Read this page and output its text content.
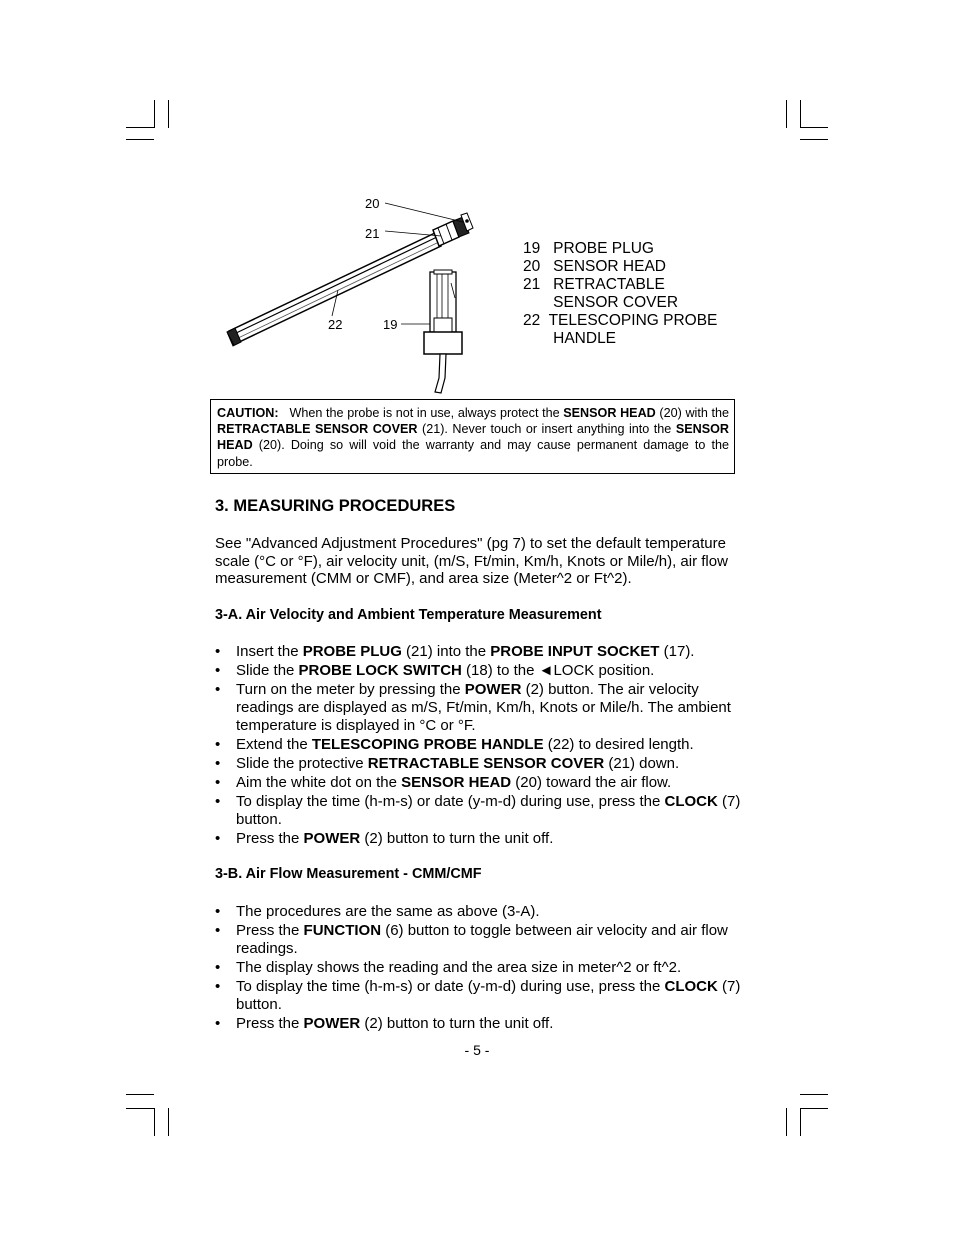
20
21
22	19
19   PROBE PLUG
20   SENSOR HEAD
21   RETRACTABLE
SENSOR COVER
22  TELESCOPING PROBE
HANDLE
CAUTION: When the probe is not in use, always protect the SENSOR HEAD (20) with the RETRACTABLE SENSOR COVER (21). Never touch or insert anything into the SENSOR HEAD (20). Doing so will void the warranty and may cause permanent damage to the probe.
3. MEASURING PROCEDURES
See "Advanced Adjustment Procedures" (pg 7) to set the default temperature scale (°C or °F), air velocity unit, (m/S, Ft/min, Km/h, Knots or Mile/h), air flow measurement (CMM or CMF), and area size (Meter^2 or Ft^2).
3-A. Air Velocity and Ambient Temperature Measurement
• Insert the PROBE PLUG (21) into the PROBE INPUT SOCKET (17).
• Slide the PROBE LOCK SWITCH (18) to the ◄LOCK position.
• Turn on the meter by pressing the POWER (2) button. The air velocity readings are displayed as m/S, Ft/min, Km/h, Knots or Mile/h. The ambient temperature is displayed in °C or °F.
• Extend the TELESCOPING PROBE HANDLE (22) to desired length.
• Slide the protective RETRACTABLE SENSOR COVER (21) down.
• Aim the white dot on the SENSOR HEAD (20) toward the air flow.
• To display the time (h-m-s) or date (y-m-d) during use, press the CLOCK (7) button.
• Press the POWER (2) button to turn the unit off.
3-B. Air Flow Measurement - CMM/CMF
• The procedures are the same as above (3-A).
• Press the FUNCTION (6) button to toggle between air velocity and air flow readings.
• The display shows the reading and the area size in meter^2 or ft^2.
• To display the time (h-m-s) or date (y-m-d) during use, press the CLOCK (7) button.
• Press the POWER (2) button to turn the unit off.
- 5 -
